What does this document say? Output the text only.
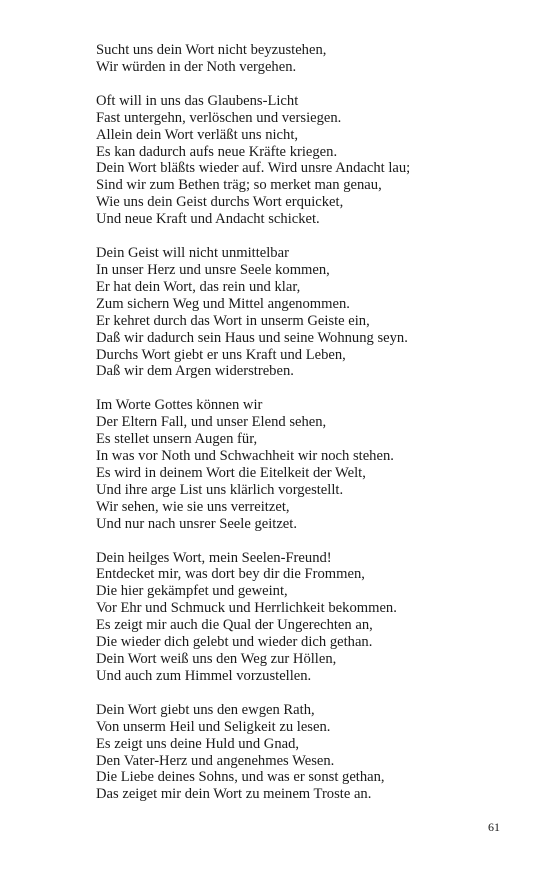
Sucht uns dein Wort nicht beyzustehen,
Wir würden in der Noth vergehen.
Oft will in uns das Glaubens-Licht
Fast untergehn, verlöschen und versiegen.
Allein dein Wort verläßt uns nicht,
Es kan dadurch aufs neue Kräfte kriegen.
Dein Wort bläßts wieder auf. Wird unsre Andacht lau;
Sind wir zum Bethen träg; so merket man genau,
Wie uns dein Geist durchs Wort erquicket,
Und neue Kraft und Andacht schicket.
Dein Geist will nicht unmittelbar
In unser Herz und unsre Seele kommen,
Er hat dein Wort, das rein und klar,
Zum sichern Weg und Mittel angenommen.
Er kehret durch das Wort in unserm Geiste ein,
Daß wir dadurch sein Haus und seine Wohnung seyn.
Durchs Wort giebt er uns Kraft und Leben,
Daß wir dem Argen widerstreben.
Im Worte Gottes können wir
Der Eltern Fall, und unser Elend sehen,
Es stellet unsern Augen für,
In was vor Noth und Schwachheit wir noch stehen.
Es wird in deinem Wort die Eitelkeit der Welt,
Und ihre arge List uns klärlich vorgestellt.
Wir sehen, wie sie uns verreitzet,
Und nur nach unsrer Seele geitzet.
Dein heilges Wort, mein Seelen-Freund!
Entdecket mir, was dort bey dir die Frommen,
Die hier gekämpfet und geweint,
Vor Ehr und Schmuck und Herrlichkeit bekommen.
Es zeigt mir auch die Qual der Ungerechten an,
Die wieder dich gelebt und wieder dich gethan.
Dein Wort weiß uns den Weg zur Höllen,
Und auch zum Himmel vorzustellen.
Dein Wort giebt uns den ewgen Rath,
Von unserm Heil und Seligkeit zu lesen.
Es zeigt uns deine Huld und Gnad,
Den Vater-Herz und angenehmes Wesen.
Die Liebe deines Sohns, und was er sonst gethan,
Das zeiget mir dein Wort zu meinem Troste an.
61
